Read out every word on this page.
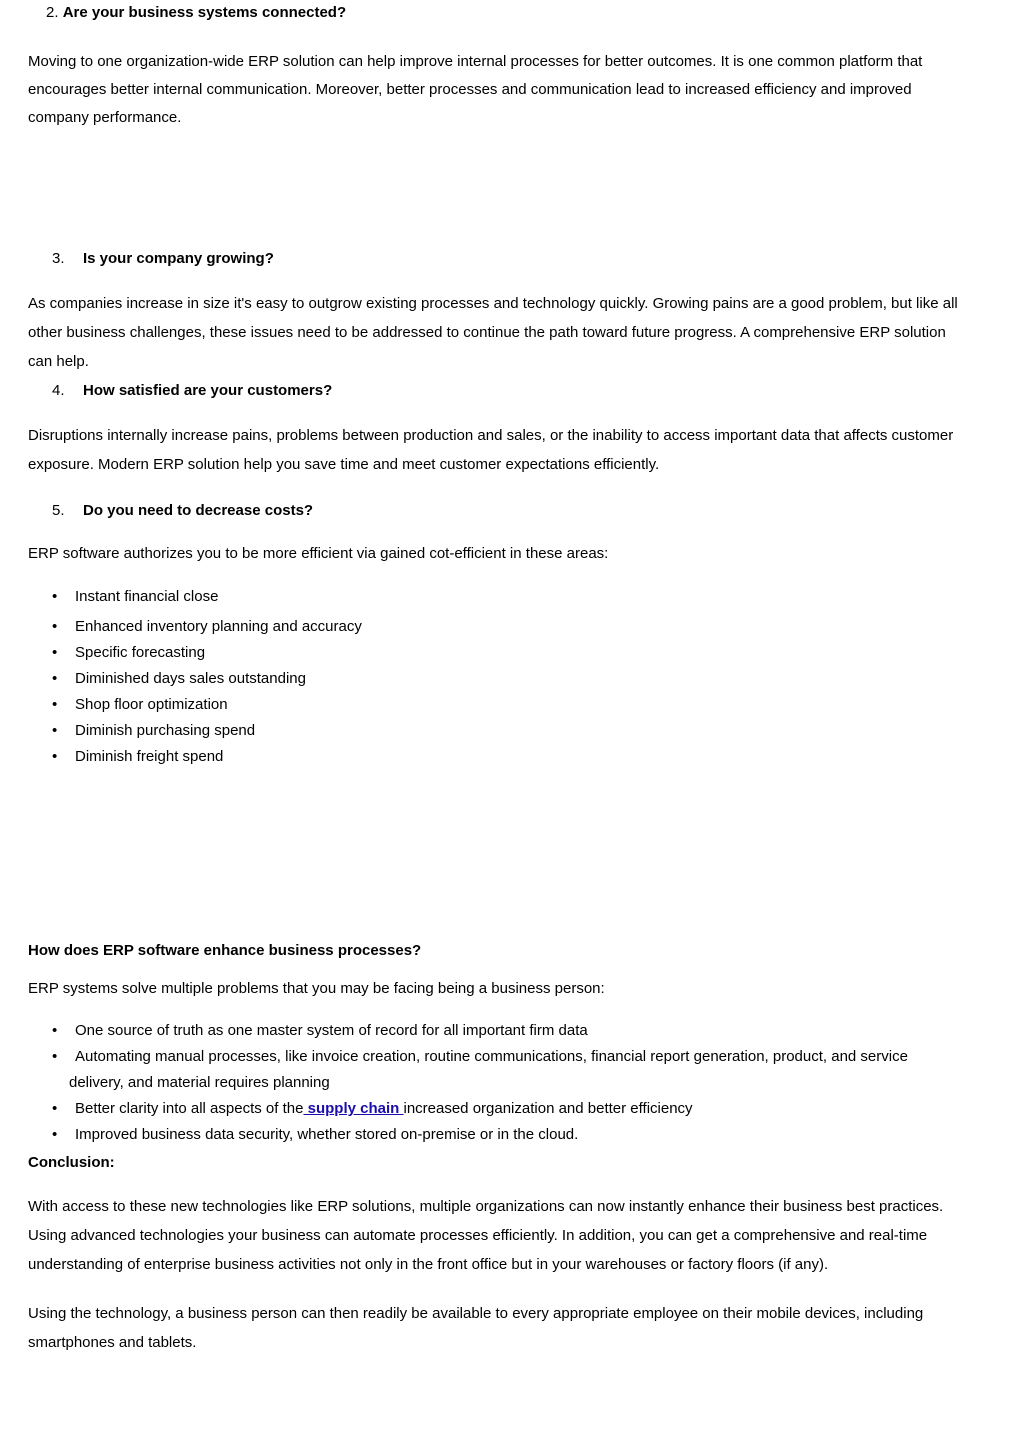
2. Are your business systems connected?
Moving to one organization-wide ERP solution can help improve internal processes for better outcomes. It is one common platform that
encourages better internal communication. Moreover, better processes and communication lead to increased efficiency and improved
company performance.
3. Is your company growing?
As companies increase in size it's easy to outgrow existing processes and technology quickly. Growing pains are a good problem, but like all
other business challenges, these issues need to be addressed to continue the path toward future progress. A comprehensive ERP solution
can help.
4. How satisfied are your customers?
Disruptions internally increase pains, problems between production and sales, or the inability to access important data that affects customer
exposure. Modern ERP solution help you save time and meet customer expectations efficiently.
5. Do you need to decrease costs?
ERP software authorizes you to be more efficient via gained cot-efficient in these areas:
• Instant financial close
• Enhanced inventory planning and accuracy
• Specific forecasting
• Diminished days sales outstanding
• Shop floor optimization
• Diminish purchasing spend
• Diminish freight spend
How does ERP software enhance business processes?
ERP systems solve multiple problems that you may be facing being a business person:
• One source of truth as one master system of record for all important firm data
• Automating manual processes, like invoice creation, routine communications, financial report generation, product, and service
delivery, and material requires planning
• Better clarity into all aspects of the supply chain increased organization and better efficiency
• Improved business data security, whether stored on-premise or in the cloud.
Conclusion:
With access to these new technologies like ERP solutions, multiple organizations can now instantly enhance their business best practices.
Using advanced technologies your business can automate processes efficiently. In addition, you can get a comprehensive and real-time
understanding of enterprise business activities not only in the front office but in your warehouses or factory floors (if any).
Using the technology, a business person can then readily be available to every appropriate employee on their mobile devices, including
smartphones and tablets.
